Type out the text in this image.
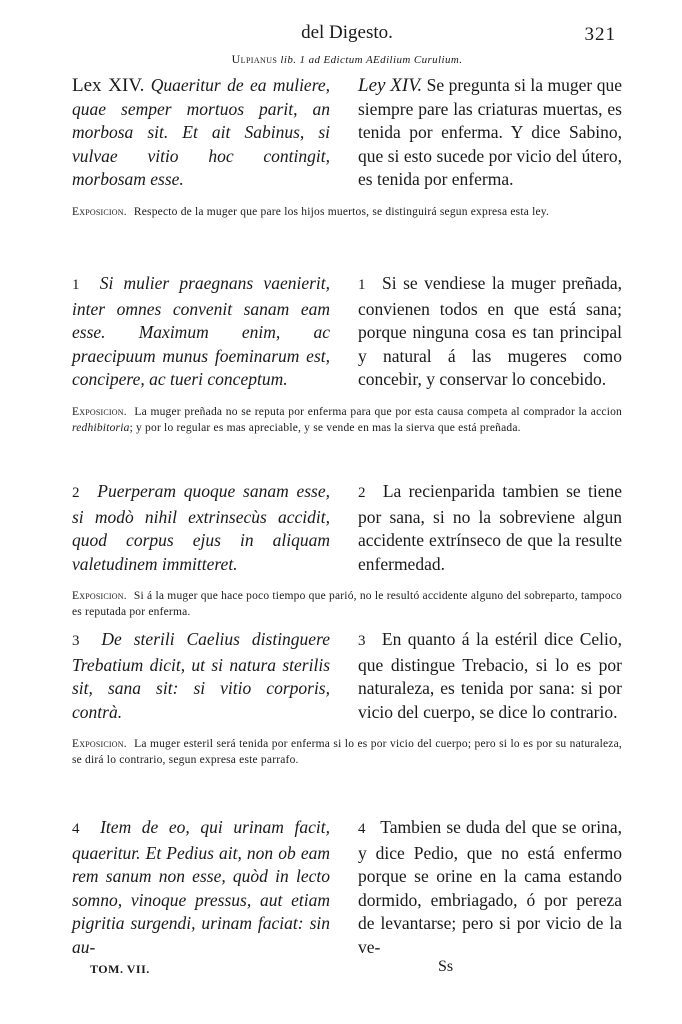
del Digesto.	321
Ulpianus lib. 1 ad Edictum AEdilium Curulium.
Lex XIV. Quaeritur de ea muliere, quae semper mortuos parit, an morbosa sit. Et ait Sabinus, si vulvae vitio hoc contingit, morbosam esse.
Ley XIV. Se pregunta si la muger que siempre pare las criaturas muertas, es tenida por enferma. Y dice Sabino, que si esto sucede por vicio del útero, es tenida por enferma.
Exposicion. Respecto de la muger que pare los hijos muertos, se distinguirá segun expresa esta ley.
1 Si mulier praegnans vaenierit, inter omnes convenit sanam eam esse. Maximum enim, ac praecipuum munus foeminarum est, concipere, ac tueri conceptum.
1 Si se vendiese la muger preñada, convienen todos en que está sana; porque ninguna cosa es tan principal y natural á las mugeres como concebir, y conservar lo concebido.
Exposicion. La muger preñada no se reputa por enferma para que por esta causa competa al comprador la accion redhibitoria; y por lo regular es mas apreciable, y se vende en mas la sierva que está preñada.
2 Puerperam quoque sanam esse, si modò nihil extrinsecùs accidit, quod corpus ejus in aliquam valetudinem immitteret.
2 La recienparida tambien se tiene por sana, si no la sobreviene algun accidente extrínseco de que la resulte enfermedad.
Exposicion. Si á la muger que hace poco tiempo que parió, no le resultó accidente alguno del sobreparto, tampoco es reputada por enferma.
3 De sterili Caelius distinguere Trebatium dicit, ut si natura sterilis sit, sana sit: si vitio corporis, contrà.
3 En quanto á la estéril dice Celio, que distingue Trebacio, si lo es por naturaleza, es tenida por sana: si por vicio del cuerpo, se dice lo contrario.
Exposicion. La muger esteril será tenida por enferma si lo es por vicio del cuerpo; pero si lo es por su naturaleza, se dirá lo contrario, segun expresa este parrafo.
4 Item de eo, qui urinam facit, quaeritur. Et Pedius ait, non ob eam rem sanum non esse, quòd in lecto somno, vinoque pressus, aut etiam pigritia surgendi, urinam faciat: sin au-
4 Tambien se duda del que se orina, y dice Pedio, que no está enfermo porque se orine en la cama estando dormido, embriagado, ó por pereza de levantarse; pero si por vicio de la ve-
TOM. VII.	Ss
